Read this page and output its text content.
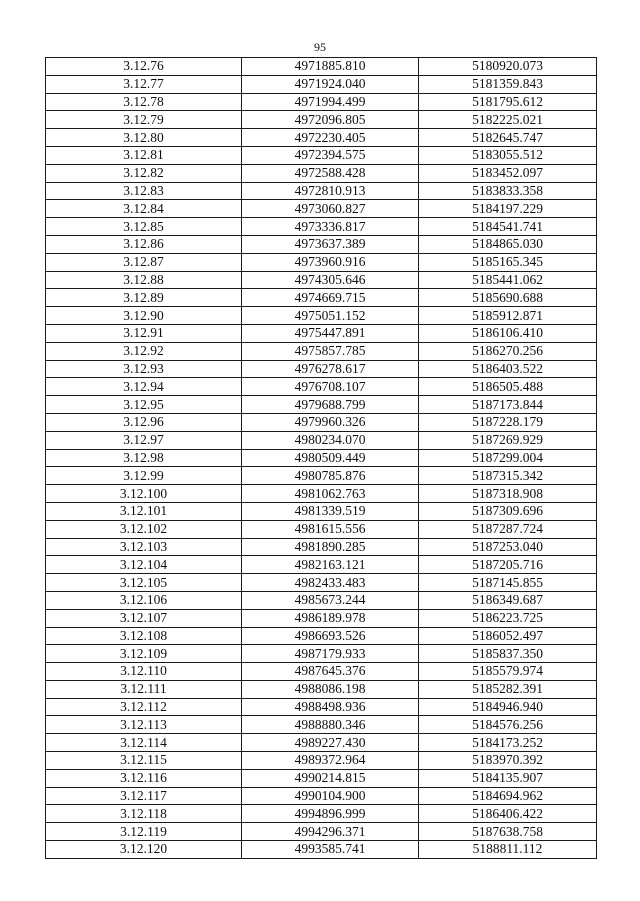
95
3.12.76	4971885.810	5180920.073
3.12.77	4971924.040	5181359.843
3.12.78	4971994.499	5181795.612
3.12.79	4972096.805	5182225.021
3.12.80	4972230.405	5182645.747
3.12.81	4972394.575	5183055.512
3.12.82	4972588.428	5183452.097
3.12.83	4972810.913	5183833.358
3.12.84	4973060.827	5184197.229
3.12.85	4973336.817	5184541.741
3.12.86	4973637.389	5184865.030
3.12.87	4973960.916	5185165.345
3.12.88	4974305.646	5185441.062
3.12.89	4974669.715	5185690.688
3.12.90	4975051.152	5185912.871
3.12.91	4975447.891	5186106.410
3.12.92	4975857.785	5186270.256
3.12.93	4976278.617	5186403.522
3.12.94	4976708.107	5186505.488
3.12.95	4979688.799	5187173.844
3.12.96	4979960.326	5187228.179
3.12.97	4980234.070	5187269.929
3.12.98	4980509.449	5187299.004
3.12.99	4980785.876	5187315.342
3.12.100	4981062.763	5187318.908
3.12.101	4981339.519	5187309.696
3.12.102	4981615.556	5187287.724
3.12.103	4981890.285	5187253.040
3.12.104	4982163.121	5187205.716
3.12.105	4982433.483	5187145.855
3.12.106	4985673.244	5186349.687
3.12.107	4986189.978	5186223.725
3.12.108	4986693.526	5186052.497
3.12.109	4987179.933	5185837.350
3.12.110	4987645.376	5185579.974
3.12.111	4988086.198	5185282.391
3.12.112	4988498.936	5184946.940
3.12.113	4988880.346	5184576.256
3.12.114	4989227.430	5184173.252
3.12.115	4989372.964	5183970.392
3.12.116	4990214.815	5184135.907
3.12.117	4990104.900	5184694.962
3.12.118	4994896.999	5186406.422
3.12.119	4994296.371	5187638.758
3.12.120	4993585.741	5188811.112
